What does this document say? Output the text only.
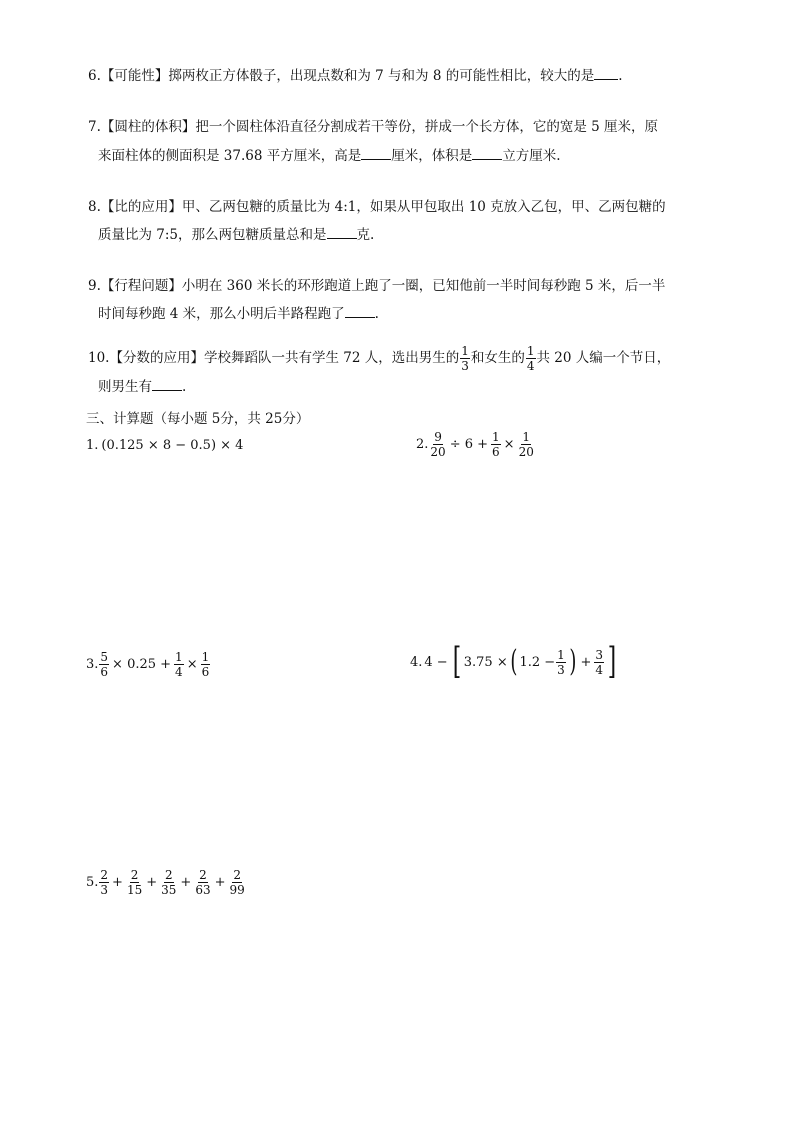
6.【可能性】掷两枚正方体骰子，出现点数和为 7 与和为 8 的可能性相比，较大的是 .
7.【圆柱的体积】把一个圆柱体沿直径分割成若干等份，拼成一个长方体，它的宽是 5 厘米，原
来面柱体的侧面积是 37.68 平方厘米，高是 厘米，体积是 立方厘米.
8.【比的应用】甲、乙两包糖的质量比为 4:1，如果从甲包取出 10 克放入乙包，甲、乙两包糖的
质量比为 7:5，那么两包糖质量总和是 克.
9.【行程问题】小明在 360 米长的环形跑道上跑了一圈，已知他前一半时间每秒跑 5 米，后一半
时间每秒跑 4 米，那么小明后半路程跑了 .
10.【分数的应用】学校舞蹈队一共有学生 72 人，选出男生的 $\frac{1}{3}$ 和女生的 $\frac{1}{4}$ 共 20 人编一个节日，
则男生有 .
三、计算题（每小题 5分，共 25分）
1. (0.125 × 8 − 0.5) × 4	2. $\frac{9}{20} \div 6 + \frac{1}{6} \times \frac{1}{20}$
3. $\frac{5}{6} \times 0.25 + \frac{1}{4} \times \frac{1}{6}$	4. 4 − [ 3.75 × ( $1.2 - \frac{1}{3}$ ) + $\frac{3}{4}$ ]
5. $\frac{2}{3} + \frac{2}{15} + \frac{2}{35} + \frac{2}{63} + \frac{2}{99}$
